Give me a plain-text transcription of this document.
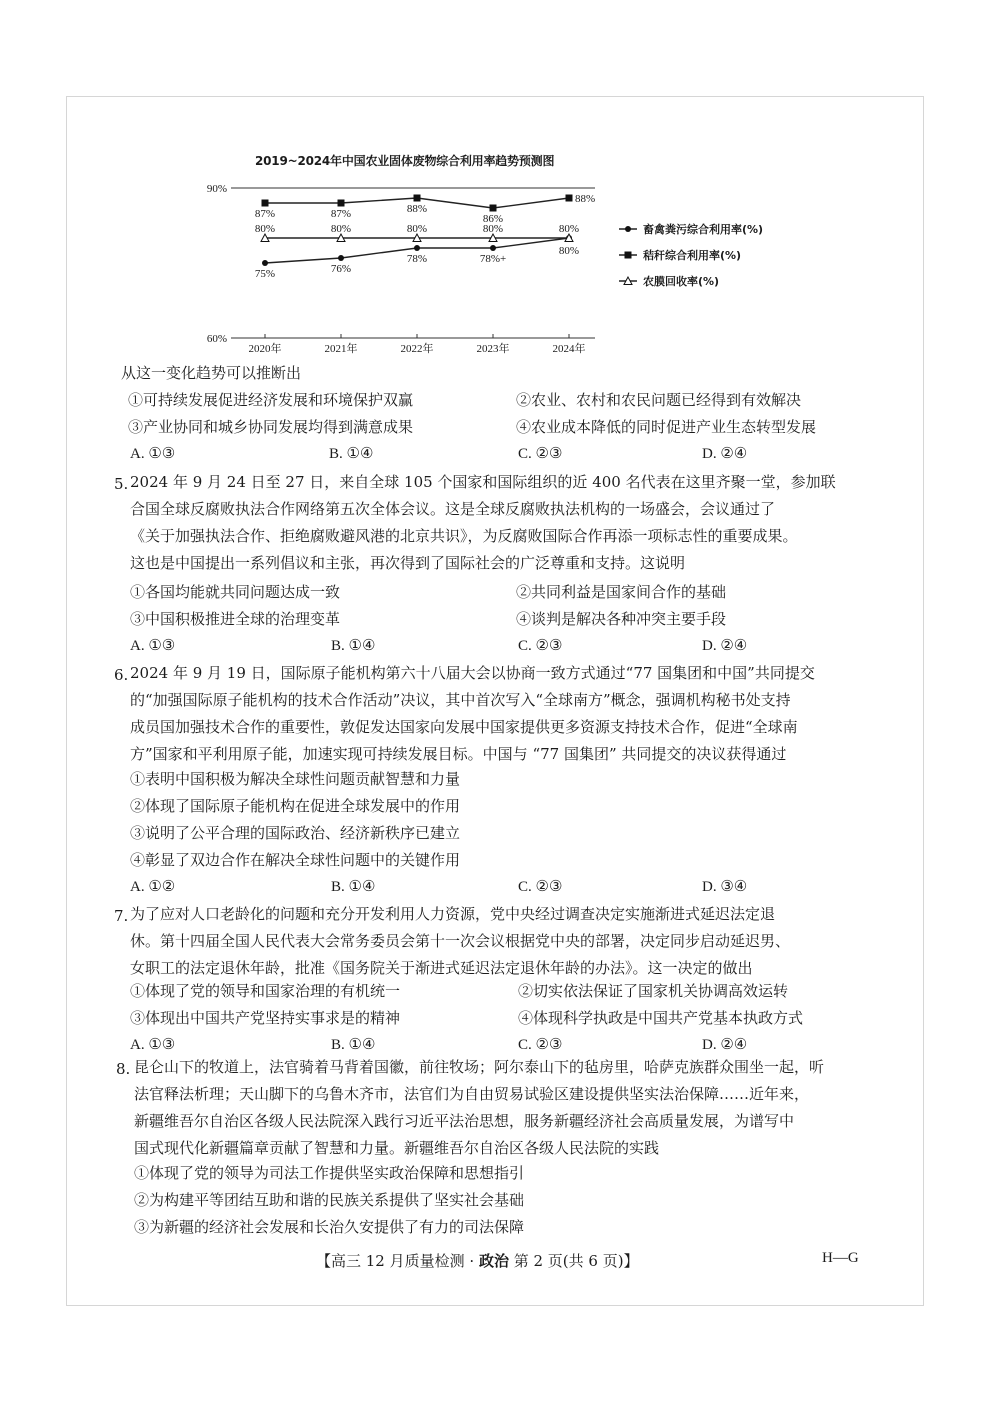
2019~2024年中国农业固体废物综合利用率趋势预测图
90%
60%
2020年	2021年	2022年	2023年	2024年
75%	76%
78%	78%+
80%
87%	87%	88%
86%
88%
80%	80%	80%	80%	80%	畜禽粪污综合利用率(%)
秸秆综合利用率(%)
农膜回收率(%)
从这一变化趋势可以推断出
①可持续发展促进经济发展和环境保护双赢	②农业、农村和农民问题已经得到有效解决
③产业协同和城乡协同发展均得到满意成果	④农业成本降低的同时促进产业生态转型发展
A. ①③	B. ①④	C. ②③	D. ②④
5. 2024 年 9 月 24 日至 27 日，来自全球 105 个国家和国际组织的近 400 名代表在这里齐聚一堂，参加联
合国全球反腐败执法合作网络第五次全体会议。这是全球反腐败执法机构的一场盛会，会议通过了
《关于加强执法合作、拒绝腐败避风港的北京共识》，为反腐败国际合作再添一项标志性的重要成果。
这也是中国提出一系列倡议和主张，再次得到了国际社会的广泛尊重和支持。这说明
①各国均能就共同问题达成一致	②共同利益是国家间合作的基础
③中国积极推进全球的治理变革	④谈判是解决各种冲突主要手段
A. ①③	B. ①④	C. ②③	D. ②④
6. 2024 年 9 月 19 日，国际原子能机构第六十八届大会以协商一致方式通过“77 国集团和中国”共同提交
的“加强国际原子能机构的技术合作活动”决议，其中首次写入“全球南方”概念，强调机构秘书处支持
成员国加强技术合作的重要性，敦促发达国家向发展中国家提供更多资源支持技术合作，促进“全球南
方”国家和平利用原子能，加速实现可持续发展目标。中国与 “77 国集团” 共同提交的决议获得通过
①表明中国积极为解决全球性问题贡献智慧和力量
②体现了国际原子能机构在促进全球发展中的作用
③说明了公平合理的国际政治、经济新秩序已建立
④彰显了双边合作在解决全球性问题中的关键作用
A. ①②	B. ①④	C. ②③	D. ③④
7. 为了应对人口老龄化的问题和充分开发利用人力资源，党中央经过调查决定实施渐进式延迟法定退
休。第十四届全国人民代表大会常务委员会第十一次会议根据党中央的部署，决定同步启动延迟男、
女职工的法定退休年龄，批准《国务院关于渐进式延迟法定退休年龄的办法》。这一决定的做出
①体现了党的领导和国家治理的有机统一	②切实依法保证了国家机关协调高效运转
③体现出中国共产党坚持实事求是的精神	④体现科学执政是中国共产党基本执政方式
A. ①③	B. ①④	C. ②③	D. ②④
8. 昆仑山下的牧道上，法官骑着马背着国徽，前往牧场；阿尔泰山下的毡房里，哈萨克族群众围坐一起，听
法官释法析理；天山脚下的乌鲁木齐市，法官们为自由贸易试验区建设提供坚实法治保障……近年来，
新疆维吾尔自治区各级人民法院深入践行习近平法治思想，服务新疆经济社会高质量发展，为谱写中
国式现代化新疆篇章贡献了智慧和力量。新疆维吾尔自治区各级人民法院的实践
①体现了党的领导为司法工作提供坚实政治保障和思想指引
②为构建平等团结互助和谐的民族关系提供了坚实社会基础
③为新疆的经济社会发展和长治久安提供了有力的司法保障
【高三 12 月质量检测 · 政治 第 2 页(共 6 页)】	H—G
